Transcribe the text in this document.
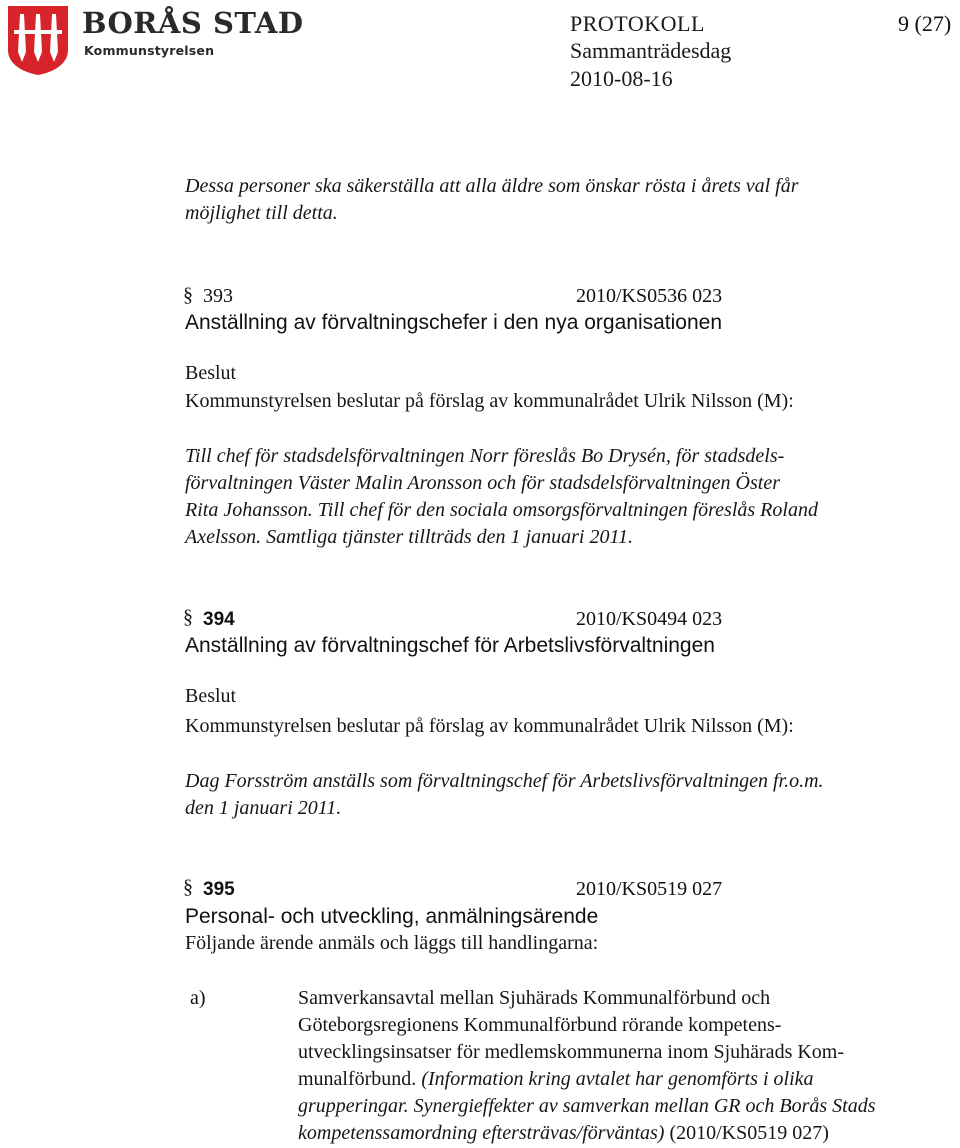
BORÅS STAD
Kommunstyrelsen
PROTOKOLL	9 (27)
Sammanträdesdag
2010-08-16
Dessa personer ska säkerställa att alla äldre som önskar rösta i årets val får
möjlighet till detta.
§ 393	2010/KS0536 023
Anställning av förvaltningschefer i den nya organisationen
Beslut
Kommunstyrelsen beslutar på förslag av kommunalrådet Ulrik Nilsson (M):
Till chef för stadsdelsförvaltningen Norr föreslås Bo Drysén, för stadsdels-
förvaltningen Väster Malin Aronsson och för stadsdelsförvaltningen Öster
Rita Johansson. Till chef för den sociala omsorgsförvaltningen föreslås Roland
Axelsson. Samtliga tjänster tillträds den 1 januari 2011.
§ 394	2010/KS0494 023
Anställning av förvaltningschef för Arbetslivsförvaltningen
Beslut
Kommunstyrelsen beslutar på förslag av kommunalrådet Ulrik Nilsson (M):
Dag Forsström anställs som förvaltningschef för Arbetslivsförvaltningen fr.o.m.
den 1 januari 2011.
§ 395	2010/KS0519 027
Personal- och utveckling, anmälningsärende
Följande ärende anmäls och läggs till handlingarna:
a)	Samverkansavtal mellan Sjuhärads Kommunalförbund och
Göteborgsregionens Kommunalförbund rörande kompetens-
utvecklingsinsatser för medlemskommunerna inom Sjuhärads Kom-
munalförbund. (Information kring avtalet har genomförts i olika
grupperingar. Synergieffekter av samverkan mellan GR och Borås Stads
kompetenssamordning eftersträvas/förväntas) (2010/KS0519 027)
